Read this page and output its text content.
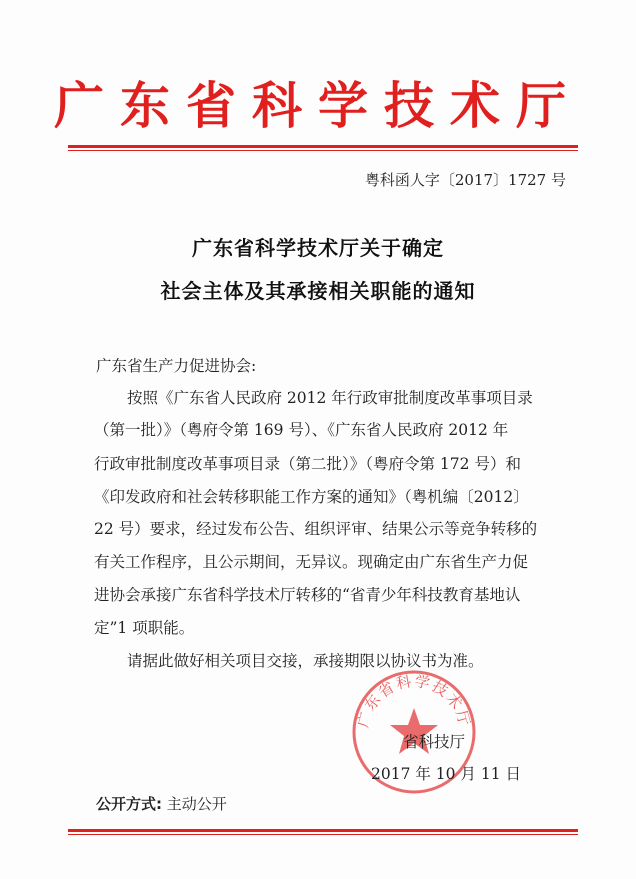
广东省科学技术厅
粤科函人字〔2017〕1727 号
广东省科学技术厅关于确定
社会主体及其承接相关职能的通知
广东省生产力促进协会:
按照《广东省人民政府 2012 年行政审批制度改革事项目录
（第一批）》（粤府令第 169 号）、《广东省人民政府 2012 年
行政审批制度改革事项目录（第二批）》（粤府令第 172 号）和
《印发政府和社会转移职能工作方案的通知》（粤机编〔2012〕
22 号）要求，经过发布公告、组织评审、结果公示等竞争转移的
有关工作程序，且公示期间，无异议。现确定由广东省生产力促
进协会承接广东省科学技术厅转移的“省青少年科技教育基地认
定”1 项职能。
请据此做好相关项目交接，承接期限以协议书为准。
广东省科学技术厅
省科技厅
2017 年 10 月 11 日
公开方式: 主动公开
